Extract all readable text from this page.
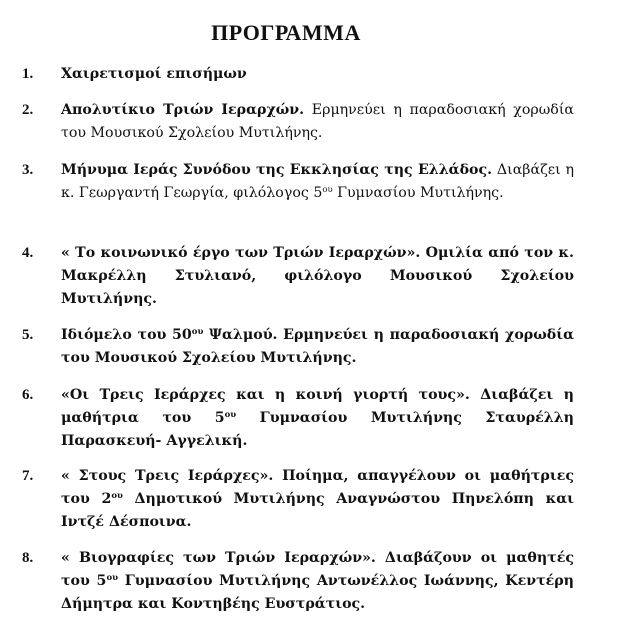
ΠΡΟΓΡΑΜΜΑ
1. Χαιρετισμοί επισήμων
2. Απολυτίκιο Τριών Ιεραρχών. Ερμηνεύει η παραδοσιακή χορωδία του Μουσικού Σχολείου Μυτιλήνης.
3. Μήνυμα Ιεράς Συνόδου της Εκκλησίας της Ελλάδος. Διαβάζει η κ. Γεωργαντή Γεωργία, φιλόλογος $5^{o\upsilon}$ Γυμνασίου Μυτιλήνης.
4. « Το κοινωνικό έργο των Τριών Ιεραρχών». Ομιλία από τον κ. Μακρέλλη Στυλιανό, φιλόλογο Μουσικού Σχολείου Μυτιλήνης.
5. Ιδιόμελο του $50^{o\upsilon}$ Ψαλμού. Ερμηνεύει η παραδοσιακή χορωδία του Μουσικού Σχολείου Μυτιλήνης.
6. «Οι Τρεις Ιεράρχες και η κοινή γιορτή τους». Διαβάζει η μαθήτρια του $5^{o\upsilon}$ Γυμνασίου Μυτιλήνης Σταυρέλλη Παρασκευή- Αγγελική.
7. « Στους Τρεις Ιεράρχες». Ποίημα, απαγγέλουν οι μαθήτριες του $2^{o\upsilon}$ Δημοτικού Μυτιλήνης Αναγνώστου Πηνελόπη και Ιντζέ Δέσποινα.
8. « Βιογραφίες των Τριών Ιεραρχών». Διαβάζουν οι μαθητές του $5^{o\upsilon}$ Γυμνασίου Μυτιλήνης Αντωνέλλος Ιωάννης, Κεντέρη Δήμητρα και Κοντηβέης Ευστράτιος.
